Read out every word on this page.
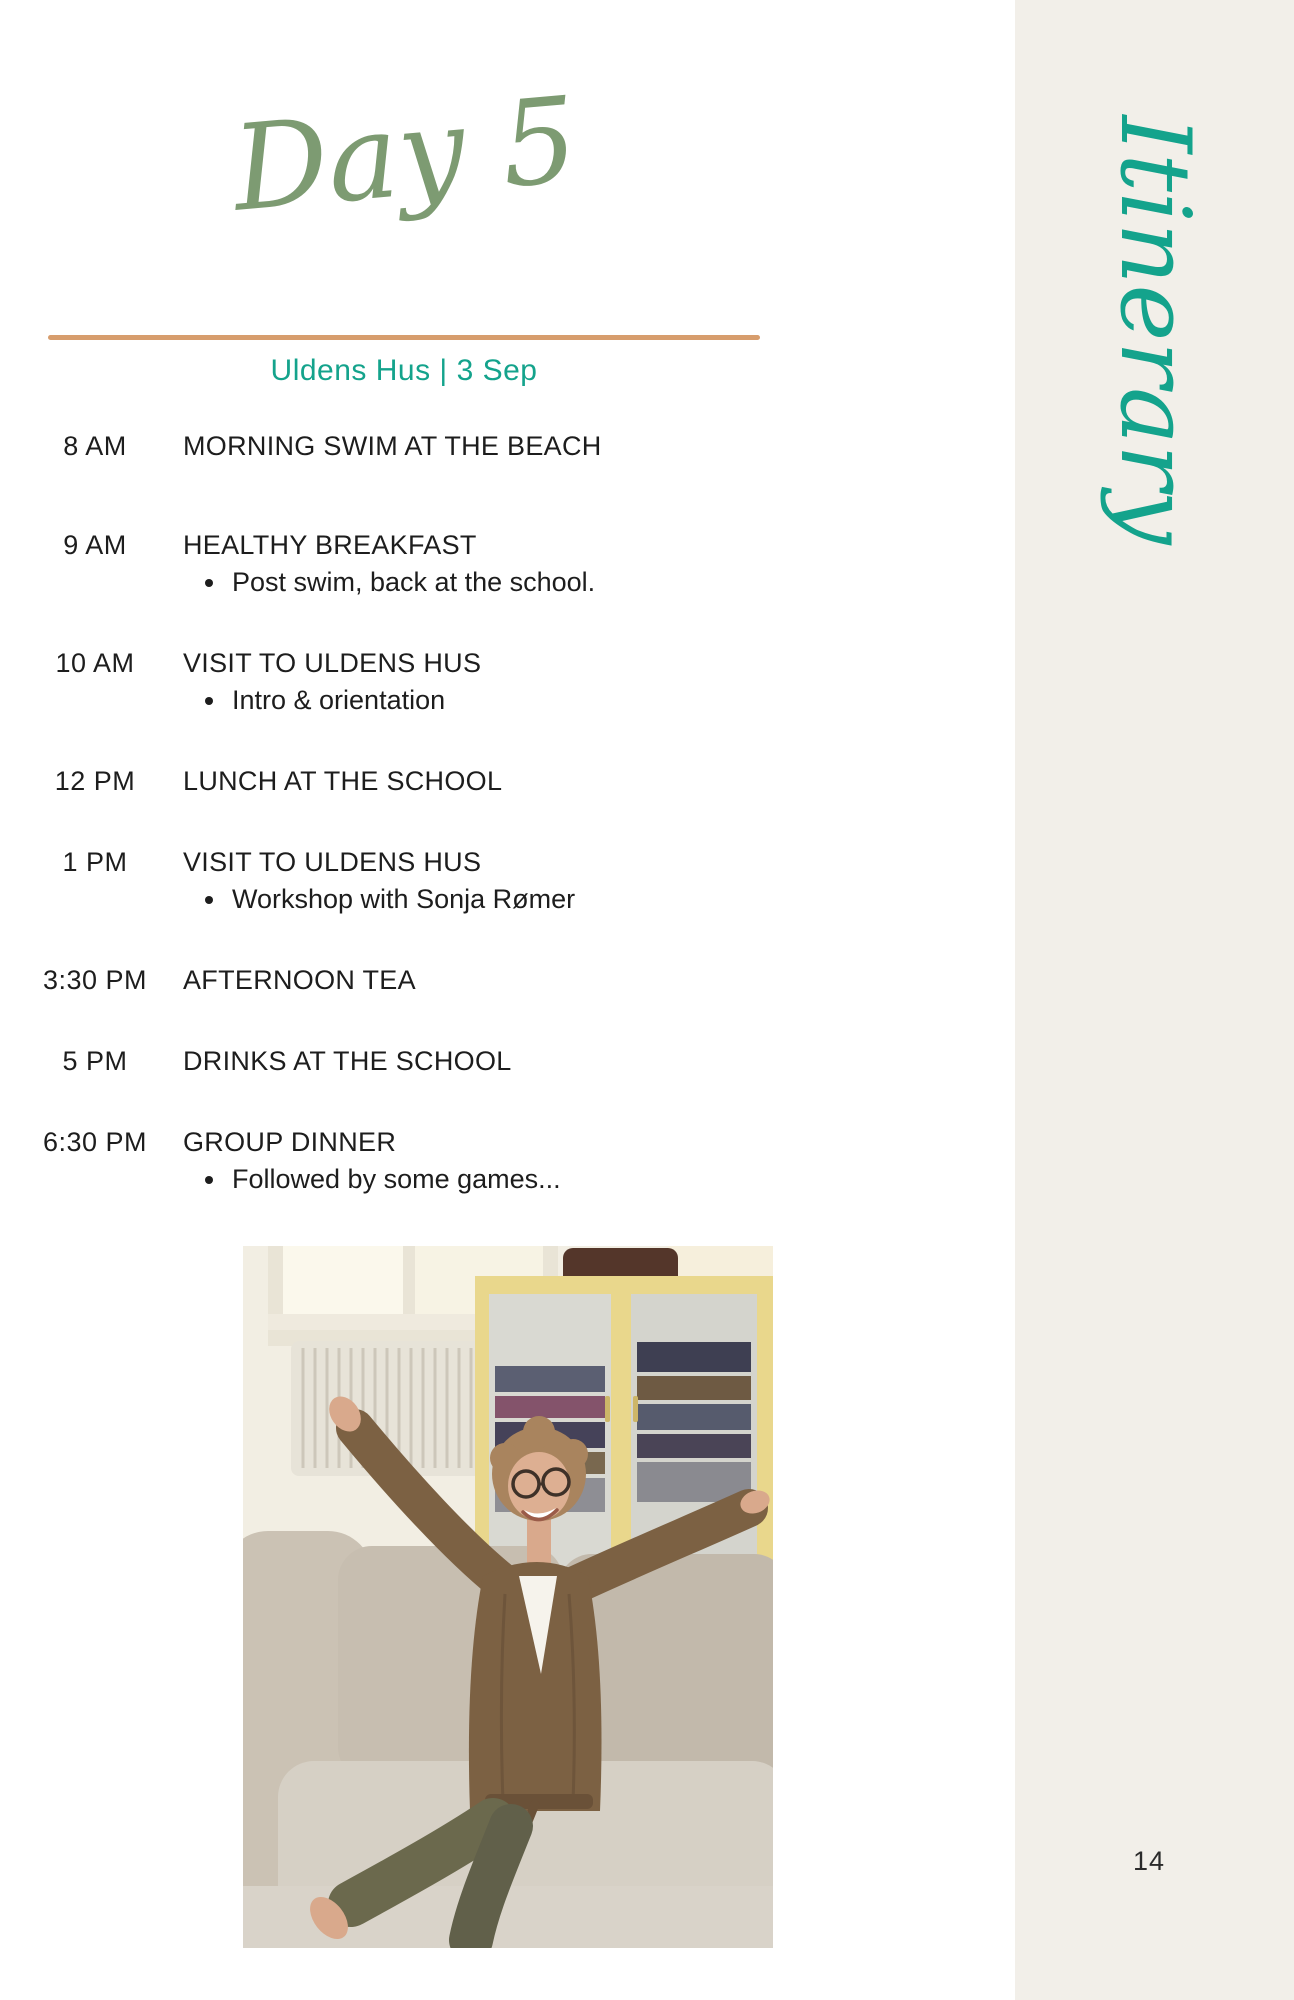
Day 5
Uldens Hus | 3 Sep
8 AM	MORNING SWIM AT THE BEACH
9 AM	HEALTHY BREAKFAST
Post swim, back at the school.
10 AM	VISIT TO ULDENS HUS
Intro & orientation
12 PM	LUNCH AT THE SCHOOL
1 PM	VISIT TO ULDENS HUS
Workshop with Sonja Rømer
3:30 PM AFTERNOON TEA
5 PM	DRINKS AT THE SCHOOL
6:30 PM GROUP DINNER
Followed by some games...
Itinerary
14
